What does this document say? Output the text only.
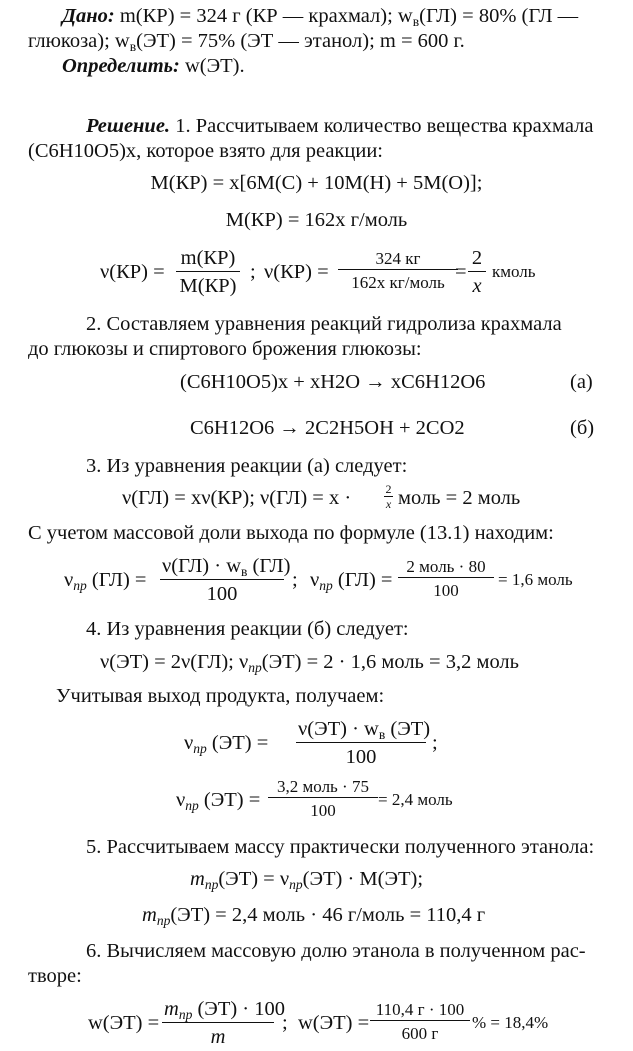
Дано: m(КР) = 324 г (КР — крахмал); $w_в(ГЛ) = 80\%$ (ГЛ —
глюкоза); $w_в(ЭТ) = 75\%$ (ЭТ — этанол); m = 600 г.
Определить: w(ЭТ).
Решение. 1. Рассчитываем количество вещества крахмала
(C6H10O5)x, которое взято для реакции:
M(КР) = x[6M(C) + 10M(H) + 5M(O)];
M(КР) = 162x г/моль
ν(КР) =
m(КР)
M(КР)
; ν(КР) =
324 кг
162x кг/моль = $\frac{2}{x}$ кмоль
2. Составляем уравнения реакций гидролиза крахмала
до глюкозы и спиртового брожения глюкозы:
(C6H10O5)x + xH2O → xC6H12O6	(а)
C6H12O6 → 2C2H5OH + 2CO2	(б)
3. Из уравнения реакции (а) следует:
ν(ГЛ) = xν(КР); ν(ГЛ) = x ·	$\frac{2}{x}$ моль = 2 моль
С учетом массовой доли выхода по формуле (13.1) находим:
$\nu_{пр}$ (ГЛ) =
$\nu(ГЛ) \cdot w_в$ (ГЛ)
100
; $\nu_{пр}$ (ГЛ) =
2 моль · 80
100
= 1,6 моль
4. Из уравнения реакции (б) следует:
ν(ЭТ) = 2ν(ГЛ); $\nu_{пр}(ЭТ) = 2 \cdot 1,6$ моль = 3,2 моль
Учитывая выход продукта, получаем:
$\nu_{пр}$ (ЭТ) =
$\nu(ЭТ) \cdot w_в$ (ЭТ)
100
;
$\nu_{пр}$ (ЭТ) =
3,2 моль · 75
100
= 2,4 моль
5. Рассчитываем массу практически полученного этанола:
$m_{пр}(ЭТ) = \nu_{пр}(ЭТ) \cdot M(ЭТ)$;
$m_{пр}(ЭТ) = 2,4$ моль · 46 г/моль = 110,4 г
6. Вычисляем массовую долю этанола в полученном рас-
творе:
w(ЭТ) =
$m_{пр}$ (ЭТ) · 100
m
; w(ЭТ) =
110,4 г · 100
600 г
% = 18,4%
